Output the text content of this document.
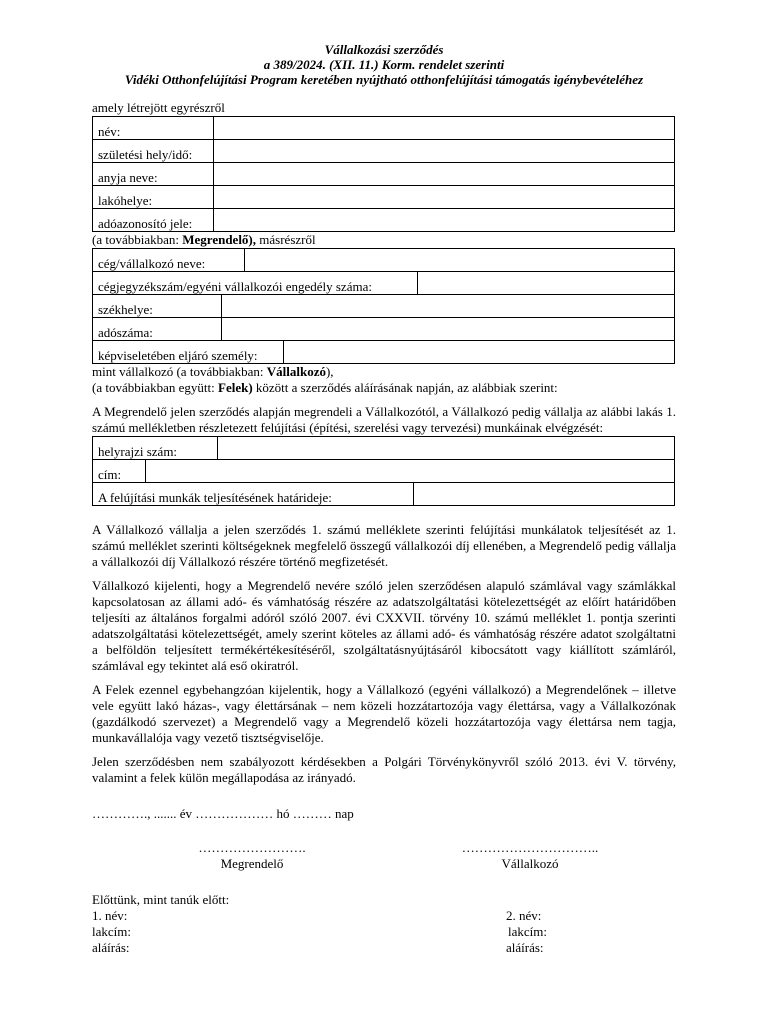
Vállalkozási szerződés
a 389/2024. (XII. 11.) Korm. rendelet szerinti
Vidéki Otthonfelújítási Program keretében nyújtható otthonfelújítási támogatás igénybevételéhez
amely létrejött egyrészről
név:	
születési hely/idő:	
anyja neve:	
lakóhelye:	
adóazonosító jele:	
(a továbbiakban: Megrendelő), másrészről
cég/vállalkozó neve:	

cégjegyzékszám/egyéni vállalkozói engedély száma:	

székhelye:	

adószáma:	

képviseletében eljáró személy:	
mint vállalkozó (a továbbiakban: Vállalkozó),
(a továbbiakban együtt: Felek) között a szerződés aláírásának napján, az alábbiak szerint:
A Megrendelő jelen szerződés alapján megrendeli a Vállalkozótól, a Vállalkozó pedig vállalja az alábbi lakás 1. számú mellékletben részletezett felújítási (építési, szerelési vagy tervezési) munkáinak elvégzését:
helyrajzi szám:	

cím:	

A felújítási munkák teljesítésének határideje:	
A Vállalkozó vállalja a jelen szerződés 1. számú melléklete szerinti felújítási munkálatok teljesítését az 1. számú melléklet szerinti költségeknek megfelelő összegű vállalkozói díj ellenében, a Megrendelő pedig vállalja a vállalkozói díj Vállalkozó részére történő megfizetését.
Vállalkozó kijelenti, hogy a Megrendelő nevére szóló jelen szerződésen alapuló számlával vagy számlákkal kapcsolatosan az állami adó- és vámhatóság részére az adatszolgáltatási kötelezettségét az előírt határidőben teljesíti az általános forgalmi adóról szóló 2007. évi CXXVII. törvény 10. számú melléklet 1. pontja szerinti adatszolgáltatási kötelezettségét, amely szerint köteles az állami adó- és vámhatóság részére adatot szolgáltatni a belföldön teljesített termékértékesítéséről, szolgáltatásnyújtásáról kibocsátott vagy kiállított számláról, számlával egy tekintet alá eső okiratról.
A Felek ezennel egybehangzóan kijelentik, hogy a Vállalkozó (egyéni vállalkozó) a Megrendelőnek – illetve vele együtt lakó házas-, vagy élettársának – nem közeli hozzátartozója vagy élettársa, vagy a Vállalkozónak (gazdálkodó szervezet) a Megrendelő vagy a Megrendelő közeli hozzátartozója vagy élettársa nem tagja, munkavállalója vagy vezető tisztségviselője.
Jelen szerződésben nem szabályozott kérdésekben a Polgári Törvénykönyvről szóló 2013. évi V. törvény, valamint a felek külön megállapodása az irányadó.
…………., ....... év ……………… hó ……… nap
…………………….
Megrendelő
…………………………..
Vállalkozó
Előttünk, mint tanúk előtt:
1. név:
lakcím:
aláírás:
2. név:
lakcím:
aláírás:
